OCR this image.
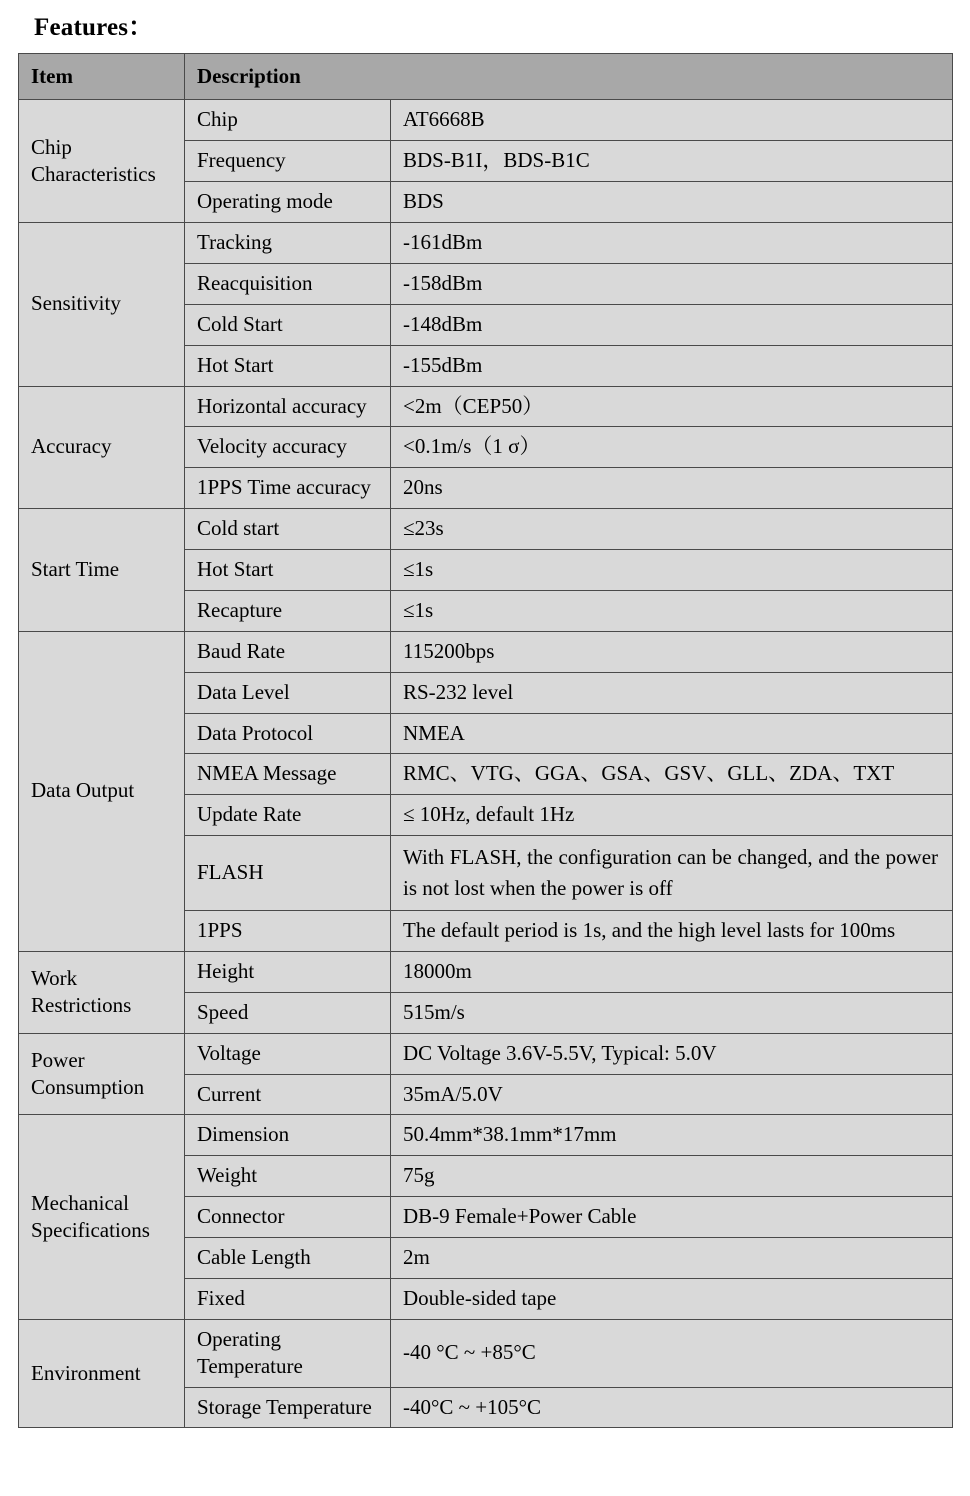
Features：
Item	Description	
Chip Characteristics	Chip	AT6668B
	Frequency	BDS-B1I，BDS-B1C
	Operating mode	BDS
Sensitivity	Tracking	-161dBm
	Reacquisition	-158dBm
	Cold Start	-148dBm
	Hot Start	-155dBm
Accuracy	Horizontal accuracy	<2m（CEP50）
	Velocity accuracy	<0.1m/s（1 σ）
	1PPS Time accuracy	20ns
Start Time	Cold start	≤23s
	Hot Start	≤1s
	Recapture	≤1s
Data Output	Baud Rate	115200bps
	Data Level	RS-232 level
	Data Protocol	NMEA
	NMEA Message	RMC、VTG、GGA、GSA、GSV、GLL、ZDA、TXT
	Update Rate	≤ 10Hz, default 1Hz
	FLASH	With FLASH, the configuration can be changed, and the power is not lost when the power is off
	1PPS	The default period is 1s, and the high level lasts for 100ms
Work Restrictions	Height	18000m
	Speed	515m/s
Power Consumption	Voltage	DC Voltage 3.6V-5.5V, Typical: 5.0V
	Current	35mA/5.0V
Mechanical Specifications	Dimension	50.4mm*38.1mm*17mm
	Weight	75g
	Connector	DB-9 Female+Power Cable
	Cable Length	2m
	Fixed	Double-sided tape
Environment	Operating Temperature	-40 °C ~ +85°C
	Storage Temperature	-40°C ~ +105°C
